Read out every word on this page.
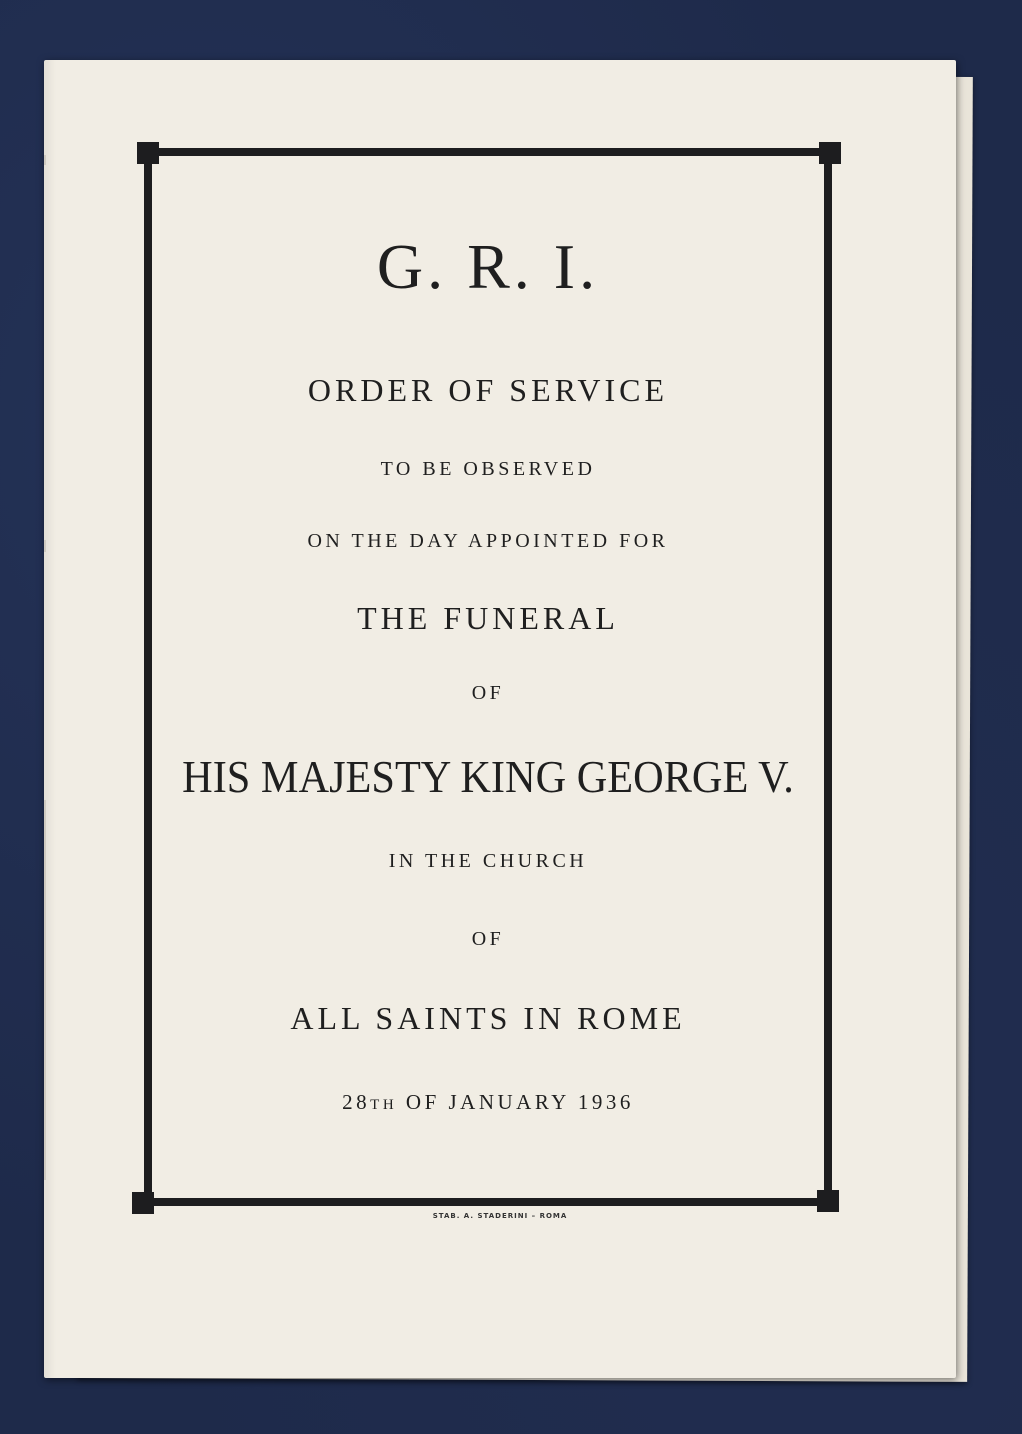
G. R. I.
ORDER OF SERVICE
TO BE OBSERVED
ON THE DAY APPOINTED FOR
THE FUNERAL
OF
HIS MAJESTY KING GEORGE V.
IN THE CHURCH
OF
ALL SAINTS IN ROME
28TH OF JANUARY 1936
STAB. A. STADERINI – ROMA
